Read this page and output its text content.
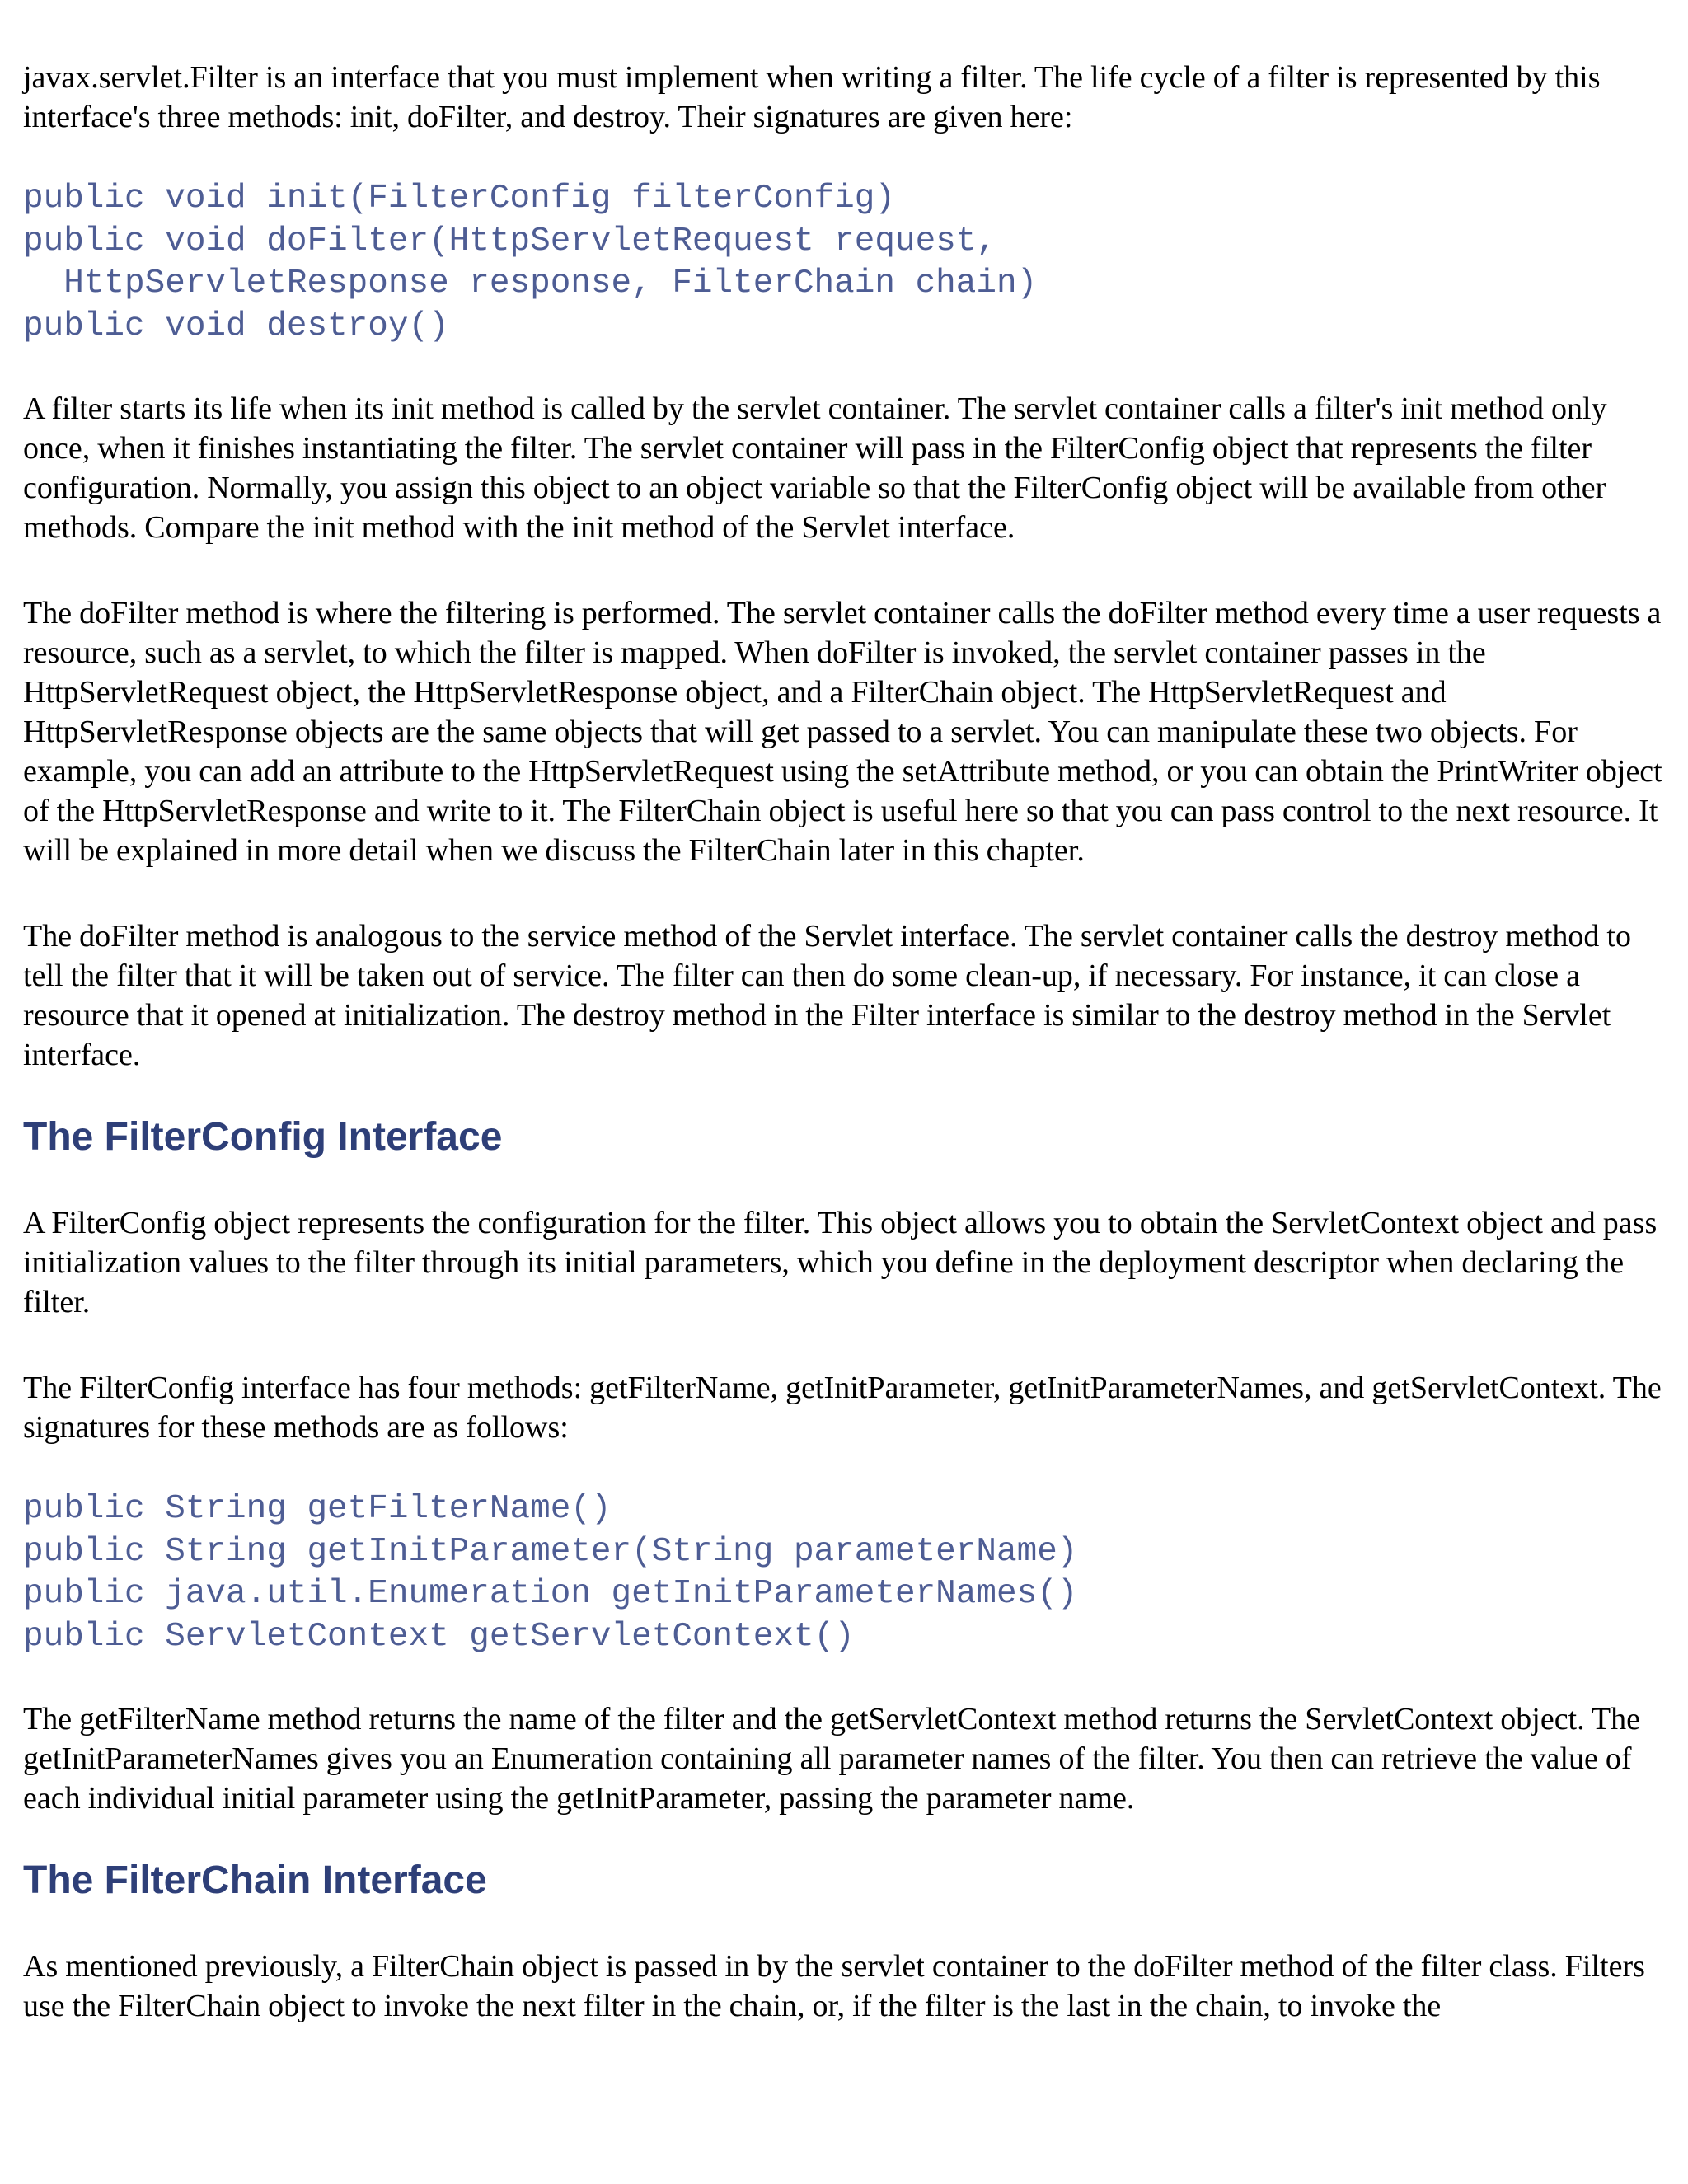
javax.servlet.Filter is an interface that you must implement when writing a filter. The life cycle of a filter is represented by this interface's three methods: init, doFilter, and destroy. Their signatures are given here:

public void init(FilterConfig filterConfig)
public void doFilter(HttpServletRequest request,
HttpServletResponse response, FilterChain chain)
public void destroy()

A filter starts its life when its init method is called by the servlet container. The servlet container calls a filter's init method only once, when it finishes instantiating the filter. The servlet container will pass in the FilterConfig object that represents the filter configuration. Normally, you assign this object to an object variable so that the FilterConfig object will be available from other methods. Compare the init method with the init method of the Servlet interface.

The doFilter method is where the filtering is performed. The servlet container calls the doFilter method every time a user requests a resource, such as a servlet, to which the filter is mapped. When doFilter is invoked, the servlet container passes in the HttpServletRequest object, the HttpServletResponse object, and a FilterChain object. The HttpServletRequest and HttpServletResponse objects are the same objects that will get passed to a servlet. You can manipulate these two objects. For example, you can add an attribute to the HttpServletRequest using the setAttribute method, or you can obtain the PrintWriter object of the HttpServletResponse and write to it. The FilterChain object is useful here so that you can pass control to the next resource. It will be explained in more detail when we discuss the FilterChain later in this chapter.

The doFilter method is analogous to the service method of the Servlet interface. The servlet container calls the destroy method to tell the filter that it will be taken out of service. The filter can then do some clean-up, if necessary. For instance, it can close a resource that it opened at initialization. The destroy method in the Filter interface is similar to the destroy method in the Servlet interface.

The FilterConfig Interface

A FilterConfig object represents the configuration for the filter. This object allows you to obtain the ServletContext object and pass initialization values to the filter through its initial parameters, which you define in the deployment descriptor when declaring the filter.

The FilterConfig interface has four methods: getFilterName, getInitParameter, getInitParameterNames, and getServletContext. The signatures for these methods are as follows:

public String getFilterName()
public String getInitParameter(String parameterName)
public java.util.Enumeration getInitParameterNames()
public ServletContext getServletContext()

The getFilterName method returns the name of the filter and the getServletContext method returns the ServletContext object. The getInitParameterNames gives you an Enumeration containing all parameter names of the filter. You then can retrieve the value of each individual initial parameter using the getInitParameter, passing the parameter name.

The FilterChain Interface

As mentioned previously, a FilterChain object is passed in by the servlet container to the doFilter method of the filter class. Filters use the FilterChain object to invoke the next filter in the chain, or, if the filter is the last in the chain, to invoke the
